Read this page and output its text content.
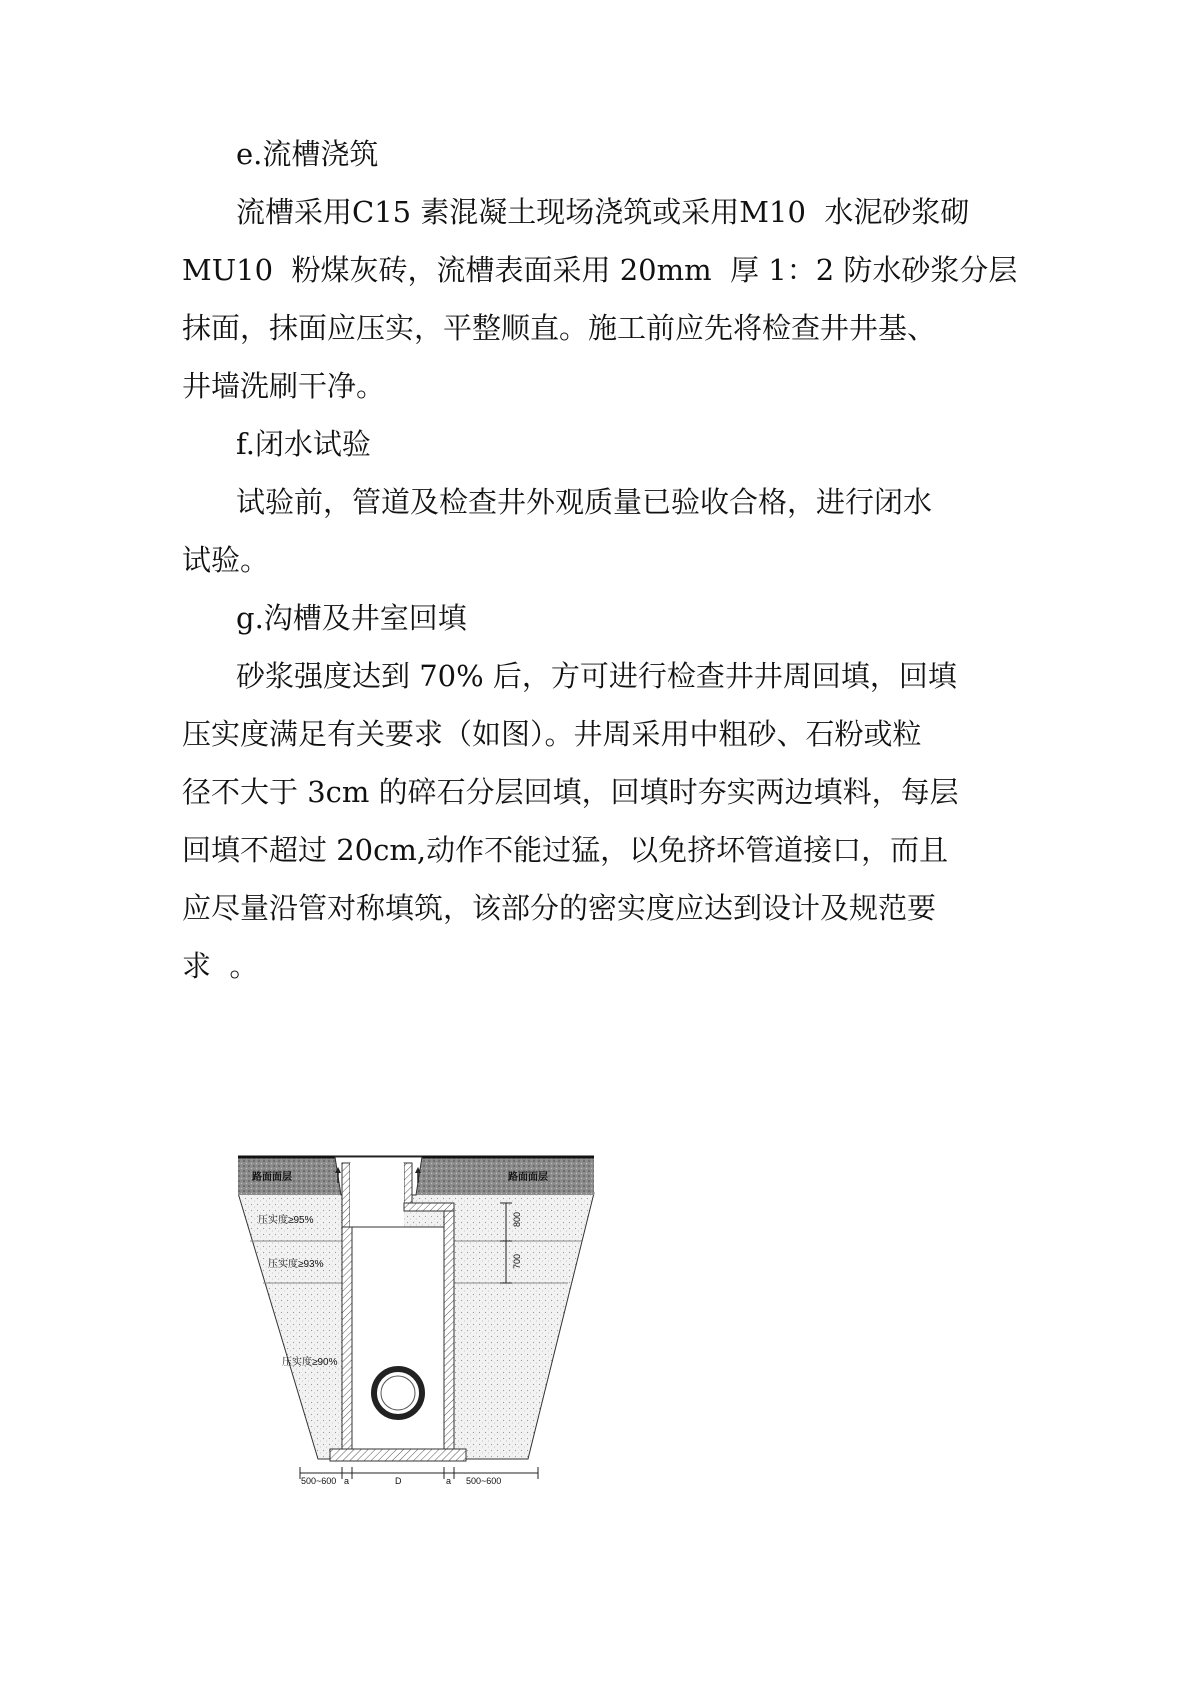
e.流槽浇筑
流槽采用C15 素混凝土现场浇筑或采用M10  水泥砂浆砌
MU10  粉煤灰砖，流槽表面采用 20mm  厚 1：2 防水砂浆分层
抹面，抹面应压实，平整顺直。施工前应先将检查井井基、
井墙洗刷干净。
f.闭水试验
试验前，管道及检查井外观质量已验收合格，进行闭水
试验。
g.沟槽及井室回填
砂浆强度达到 70% 后，方可进行检查井井周回填，回填
压实度满足有关要求（如图）。井周采用中粗砂、石粉或粒
径不大于 3cm 的碎石分层回填，回填时夯实两边填料，每层
回填不超过 20cm,动作不能过猛，以免挤坏管道接口，而且
应尽量沿管对称填筑，该部分的密实度应达到设计及规范要
求  。
路面面层	路面面层
压实度≥95%
压实度≥93%
压实度≥90%
800
700
500~600 a	D	a 500~600
